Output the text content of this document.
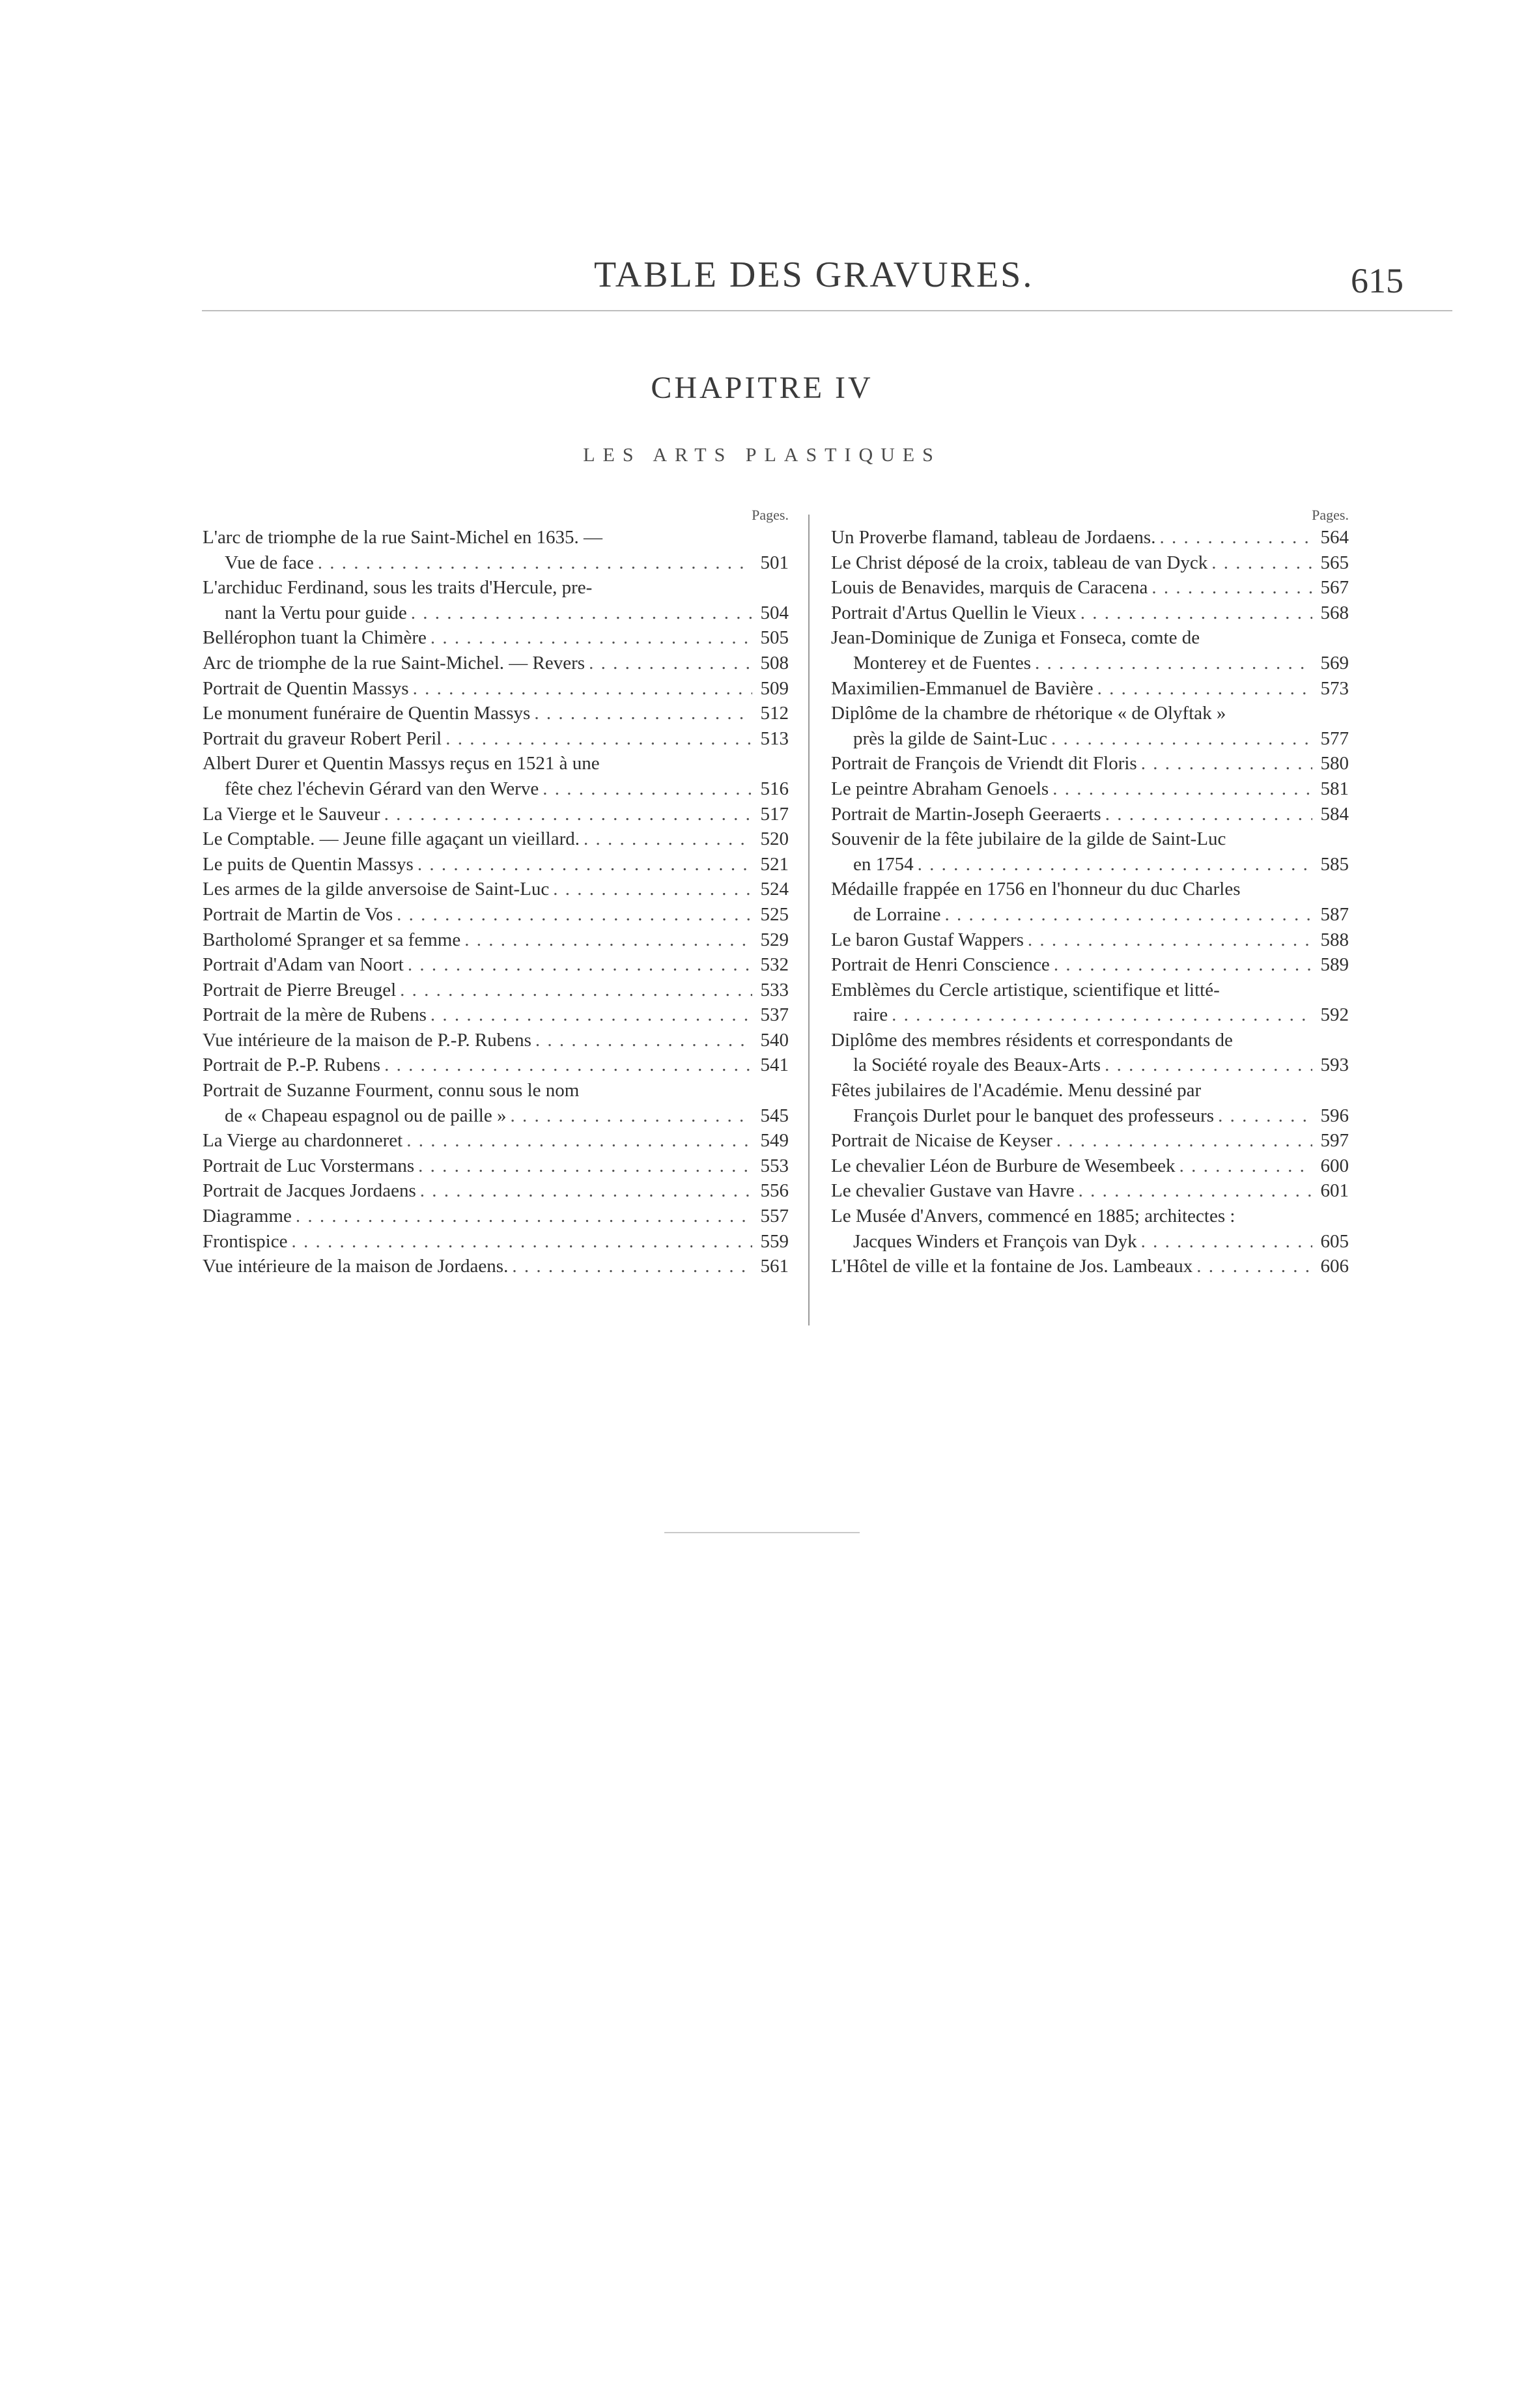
TABLE DES GRAVURES.	615
CHAPITRE IV
LES ARTS PLASTIQUES
Pages.
L'arc de triomphe de la rue Saint-Michel en 1635. —
Vue de face . . .	501
L'archiduc Ferdinand, sous les traits d'Hercule, pre-
nant la Vertu pour guide . . .	504
Bellérophon tuant la Chimère . . .	505
Arc de triomphe de la rue Saint-Michel. — Revers . . .	508
Portrait de Quentin Massys . . .	509
Le monument funéraire de Quentin Massys . . .	512
Portrait du graveur Robert Peril . . .	513
Albert Durer et Quentin Massys reçus en 1521 à une
fête chez l'échevin Gérard van den Werve . . .	516
La Vierge et le Sauveur . . .	517
Le Comptable. — Jeune fille agaçant un vieillard. . . .	520
Le puits de Quentin Massys . . .	521
Les armes de la gilde anversoise de Saint-Luc . . .	524
Portrait de Martin de Vos . . .	525
Bartholomé Spranger et sa femme . . .	529
Portrait d'Adam van Noort . . .	532
Portrait de Pierre Breugel . . .	533
Portrait de la mère de Rubens . . .	537
Vue intérieure de la maison de P.-P. Rubens . . .	540
Portrait de P.-P. Rubens . . .	541
Portrait de Suzanne Fourment, connu sous le nom
de « Chapeau espagnol ou de paille » . . .	545
La Vierge au chardonneret . . .	549
Portrait de Luc Vorstermans . . .	553
Portrait de Jacques Jordaens . . .	556
Diagramme . . .	557
Frontispice . . .	559
Vue intérieure de la maison de Jordaens. . . .	561
Pages.
Un Proverbe flamand, tableau de Jordaens. . . .	564
Le Christ déposé de la croix, tableau de van Dyck . . .	565
Louis de Benavides, marquis de Caracena . . .	567
Portrait d'Artus Quellin le Vieux . . .	568
Jean-Dominique de Zuniga et Fonseca, comte de
Monterey et de Fuentes . . .	569
Maximilien-Emmanuel de Bavière . . .	573
Diplôme de la chambre de rhétorique « de Olyftak »
près la gilde de Saint-Luc . . .	577
Portrait de François de Vriendt dit Floris . . .	580
Le peintre Abraham Genoels . . .	581
Portrait de Martin-Joseph Geeraerts . . .	584
Souvenir de la fête jubilaire de la gilde de Saint-Luc
en 1754 . . .	585
Médaille frappée en 1756 en l'honneur du duc Charles
de Lorraine . . .	587
Le baron Gustaf Wappers . . .	588
Portrait de Henri Conscience . . .	589
Emblèmes du Cercle artistique, scientifique et litté-
raire . . .	592
Diplôme des membres résidents et correspondants de
la Société royale des Beaux-Arts . . .	593
Fêtes jubilaires de l'Académie. Menu dessiné par
François Durlet pour le banquet des professeurs . . .	596
Portrait de Nicaise de Keyser . . .	597
Le chevalier Léon de Burbure de Wesembeek . . .	600
Le chevalier Gustave van Havre . . .	601
Le Musée d'Anvers, commencé en 1885; architectes :
Jacques Winders et François van Dyk . . .	605
L'Hôtel de ville et la fontaine de Jos. Lambeaux . . .	606
